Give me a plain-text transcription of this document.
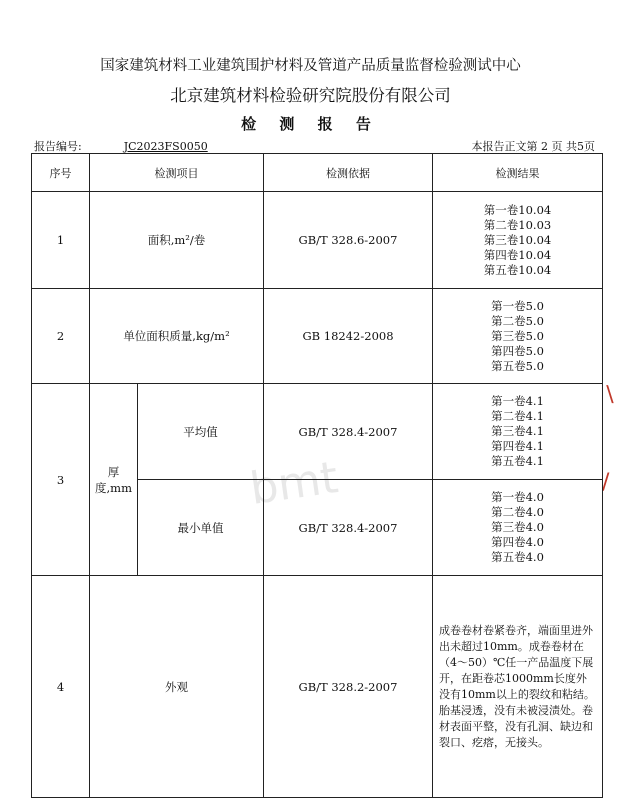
国家建筑材料工业建筑围护材料及管道产品质量监督检验测试中心
北京建筑材料检验研究院股份有限公司
检 测 报 告
报告编号:	JC2023FS0050	本报告正文第 2 页 共5页
bmt
∖
/
序号	检测项目		检测依据	检测结果
1	面积,m²/卷		GB/T 328.6-2007	第一卷10.04
第二卷10.03
第三卷10.04
第四卷10.04
第五卷10.04

2	单位面积质量,kg/m²		GB 18242-2008	第一卷5.0
第二卷5.0
第三卷5.0
第四卷5.0
第五卷5.0

3	厚度,mm	平均值	GB/T 328.4-2007	第一卷4.1
第二卷4.1
第三卷4.1
第四卷4.1
第五卷4.1

		最小单值	GB/T 328.4-2007	第一卷4.0
第二卷4.0
第三卷4.0
第四卷4.0
第五卷4.0

4	外观		GB/T 328.2-2007	成卷卷材卷紧卷齐，端面里进外出未超过10mm。成卷卷材在（4～50）℃任一产品温度下展开，在距卷芯1000mm长度外没有10mm以上的裂纹和粘结。胎基浸透，没有未被浸渍处。卷材表面平整，没有孔洞、缺边和裂口、疙瘩，无接头。
